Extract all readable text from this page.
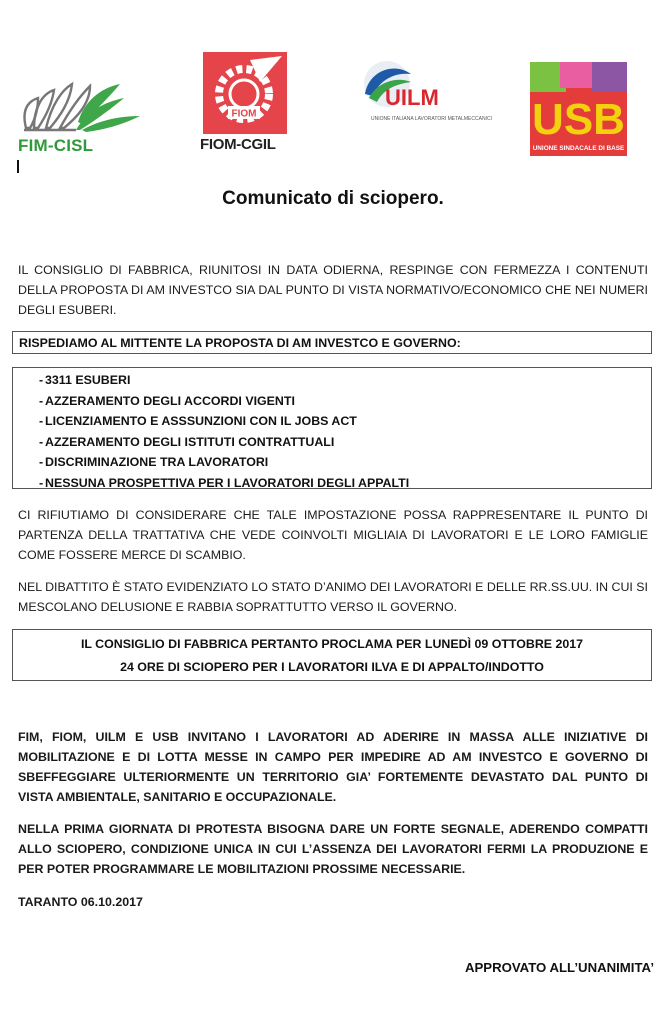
FIM-CISL
FIOM
FIOM-CGIL
UILM
UNIONE ITALIANA LAVORATORI METALMECCANICI USB
UNIONE SINDACALE DI BASE
Comunicato di sciopero.
IL CONSIGLIO DI FABBRICA, RIUNITOSI IN DATA ODIERNA, RESPINGE CON FERMEZZA I CONTENUTI DELLA PROPOSTA DI AM INVESTCO SIA DAL PUNTO DI VISTA NORMATIVO/ECONOMICO CHE NEI NUMERI DEGLI ESUBERI.
RISPEDIAMO AL MITTENTE LA PROPOSTA DI AM INVESTCO E GOVERNO:
- 3311 ESUBERI
- AZZERAMENTO DEGLI ACCORDI VIGENTI
- LICENZIAMENTO E ASSSUNZIONI CON IL JOBS ACT
- AZZERAMENTO DEGLI ISTITUTI CONTRATTUALI
- DISCRIMINAZIONE TRA LAVORATORI
- NESSUNA PROSPETTIVA PER I LAVORATORI DEGLI APPALTI
CI RIFIUTIAMO DI CONSIDERARE CHE TALE IMPOSTAZIONE POSSA RAPPRESENTARE IL PUNTO DI PARTENZA DELLA TRATTATIVA CHE VEDE COINVOLTI MIGLIAIA DI LAVORATORI E LE LORO FAMIGLIE COME FOSSERE MERCE DI SCAMBIO.
NEL DIBATTITO È STATO EVIDENZIATO LO STATO D’ANIMO DEI LAVORATORI E DELLE RR.SS.UU. IN CUI SI MESCOLANO DELUSIONE E RABBIA SOPRATTUTTO VERSO IL GOVERNO.
IL CONSIGLIO DI FABBRICA PERTANTO PROCLAMA PER LUNEDÌ 09 OTTOBRE 2017
24 ORE DI SCIOPERO PER I LAVORATORI ILVA E DI APPALTO/INDOTTO
FIM, FIOM, UILM E USB INVITANO I LAVORATORI AD ADERIRE IN MASSA ALLE INIZIATIVE DI MOBILITAZIONE E DI LOTTA MESSE IN CAMPO PER IMPEDIRE AD AM INVESTCO E GOVERNO DI SBEFFEGGIARE ULTERIORMENTE UN TERRITORIO GIA’ FORTEMENTE DEVASTATO DAL PUNTO DI VISTA AMBIENTALE, SANITARIO E OCCUPAZIONALE.
NELLA PRIMA GIORNATA DI PROTESTA BISOGNA DARE UN FORTE SEGNALE, ADERENDO COMPATTI ALLO SCIOPERO, CONDIZIONE UNICA IN CUI L’ASSENZA DEI LAVORATORI FERMI LA PRODUZIONE E PER POTER PROGRAMMARE LE MOBILITAZIONI PROSSIME NECESSARIE.
TARANTO 06.10.2017
APPROVATO ALL’UNANIMITA’
